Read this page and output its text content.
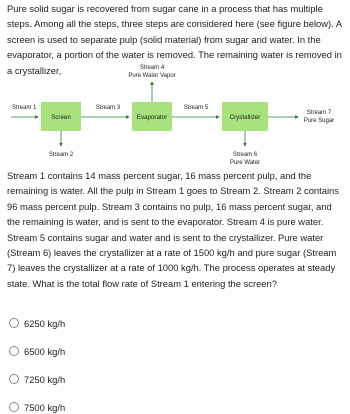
Pure solid sugar is recovered from sugar cane in a process that has multiple steps. Among all the steps, three steps are considered here (see figure below). A screen is used to separate pulp (solid material) from sugar and water. In the evaporator, a portion of the water is removed. The remaining water is removed in a crystallizer,

Stream 1
Screen
Stream 2
Stream 3
Evaporator
Stream 4
Pure Water Vapor
Stream 5
Crystallizer
Stream 6
Pure Water
Stream 7
Pure Sugar

Stream 1 contains 14 mass percent sugar, 16 mass percent pulp, and the remaining is water. All the pulp in Stream 1 goes to Stream 2. Stream 2 contains 96 mass percent pulp. Stream 3 contains no pulp, 16 mass percent sugar, and the remaining is water, and is sent to the evaporator. Stream 4 is pure water. Stream 5 contains sugar and water and is sent to the crystallizer. Pure water (Stream 6) leaves the crystallizer at a rate of 1500 kg/h and pure sugar (Stream 7) leaves the crystallizer at a rate of 1000 kg/h. The process operates at steady state. What is the total flow rate of Stream 1 entering the screen?

6250 kg/h
6500 kg/h
7250 kg/h
7500 kg/h
